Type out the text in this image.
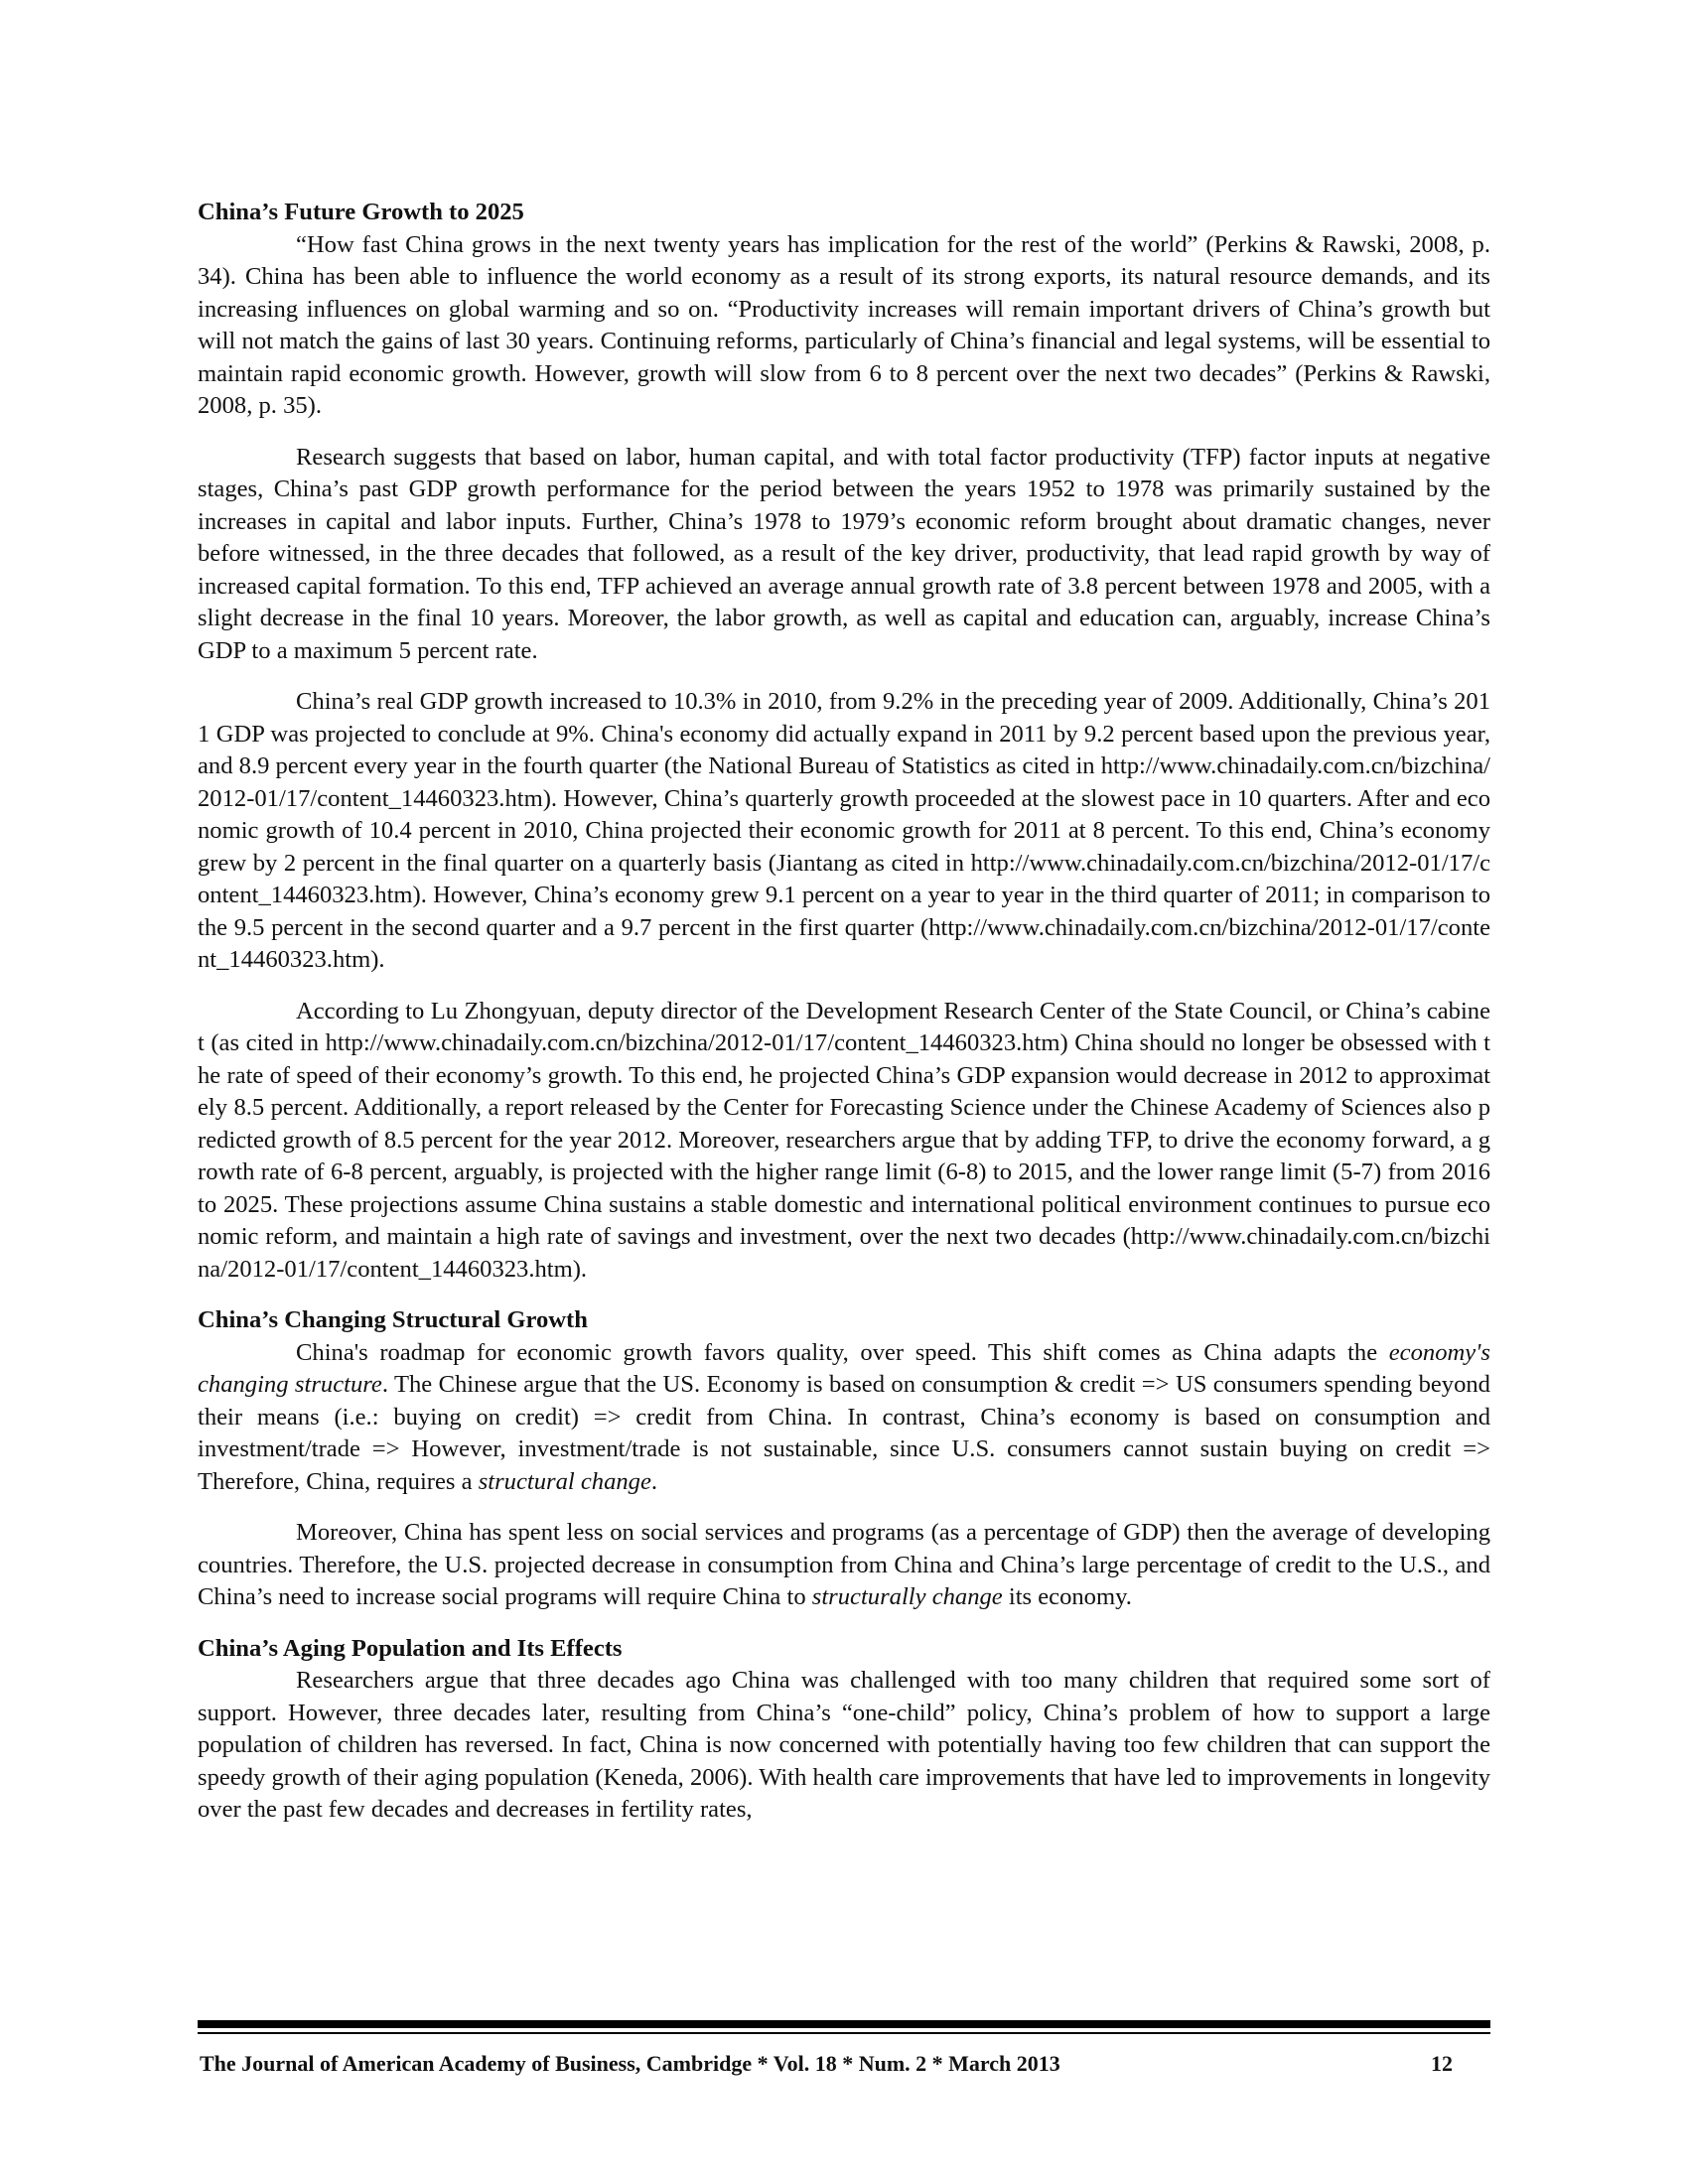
China’s Future Growth to 2025

“How fast China grows in the next twenty years has implication for the rest of the world” (Perkins & Rawski, 2008, p. 34). China has been able to influence the world economy as a result of its strong exports, its natural resource demands, and its increasing influences on global warming and so on. “Productivity increases will remain important drivers of China’s growth but will not match the gains of last 30 years. Continuing reforms, particularly of China’s financial and legal systems, will be essential to maintain rapid economic growth. However, growth will slow from 6 to 8 percent over the next two decades” (Perkins & Rawski, 2008, p. 35).

Research suggests that based on labor, human capital, and with total factor productivity (TFP) factor inputs at negative stages, China’s past GDP growth performance for the period between the years 1952 to 1978 was primarily sustained by the increases in capital and labor inputs. Further, China’s 1978 to 1979’s economic reform brought about dramatic changes, never before witnessed, in the three decades that followed, as a result of the key driver, productivity, that lead rapid growth by way of increased capital formation. To this end, TFP achieved an average annual growth rate of 3.8 percent between 1978 and 2005, with a slight decrease in the final 10 years. Moreover, the labor growth, as well as capital and education can, arguably, increase China’s GDP to a maximum 5 percent rate.

China’s real GDP growth increased to 10.3% in 2010, from 9.2% in the preceding year of 2009. Additionally, China’s 2011 GDP was projected to conclude at 9%. China's economy did actually expand in 2011 by 9.2 percent based upon the previous year, and 8.9 percent every year in the fourth quarter (the National Bureau of Statistics as cited in http://www.chinadaily.com.cn/bizchina/2012-01/17/content_14460323.htm). However, China’s quarterly growth proceeded at the slowest pace in 10 quarters. After and economic growth of 10.4 percent in 2010, China projected their economic growth for 2011 at 8 percent. To this end, China’s economy grew by 2 percent in the final quarter on a quarterly basis (Jiantang as cited in http://www.chinadaily.com.cn/bizchina/2012-01/17/content_14460323.htm). However, China’s economy grew 9.1 percent on a year to year in the third quarter of 2011; in comparison to the 9.5 percent in the second quarter and a 9.7 percent in the first quarter (http://www.chinadaily.com.cn/bizchina/2012-01/17/content_14460323.htm).

According to Lu Zhongyuan, deputy director of the Development Research Center of the State Council, or China’s cabinet (as cited in http://www.chinadaily.com.cn/bizchina/2012-01/17/content_14460323.htm) China should no longer be obsessed with the rate of speed of their economy’s growth. To this end, he projected China’s GDP expansion would decrease in 2012 to approximately 8.5 percent. Additionally, a report released by the Center for Forecasting Science under the Chinese Academy of Sciences also predicted growth of 8.5 percent for the year 2012. Moreover, researchers argue that by adding TFP, to drive the economy forward, a growth rate of 6-8 percent, arguably, is projected with the higher range limit (6-8) to 2015, and the lower range limit (5-7) from 2016 to 2025. These projections assume China sustains a stable domestic and international political environment continues to pursue economic reform, and maintain a high rate of savings and investment, over the next two decades (http://www.chinadaily.com.cn/bizchina/2012-01/17/content_14460323.htm).

China’s Changing Structural Growth

China's roadmap for economic growth favors quality, over speed. This shift comes as China adapts the economy's changing structure. The Chinese argue that the US. Economy is based on consumption & credit => US consumers spending beyond their means (i.e.: buying on credit) => credit from China. In contrast, China’s economy is based on consumption and investment/trade => However, investment/trade is not sustainable, since U.S. consumers cannot sustain buying on credit => Therefore, China, requires a structural change.

Moreover, China has spent less on social services and programs (as a percentage of GDP) then the average of developing countries. Therefore, the U.S. projected decrease in consumption from China and China’s large percentage of credit to the U.S., and China’s need to increase social programs will require China to structurally change its economy.

China’s Aging Population and Its Effects

Researchers argue that three decades ago China was challenged with too many children that required some sort of support. However, three decades later, resulting from China’s “one-child” policy, China’s problem of how to support a large population of children has reversed. In fact, China is now concerned with potentially having too few children that can support the speedy growth of their aging population (Keneda, 2006). With health care improvements that have led to improvements in longevity over the past few decades and decreases in fertility rates,

The Journal of American Academy of Business, Cambridge * Vol. 18 * Num. 2 * March 2013	12
